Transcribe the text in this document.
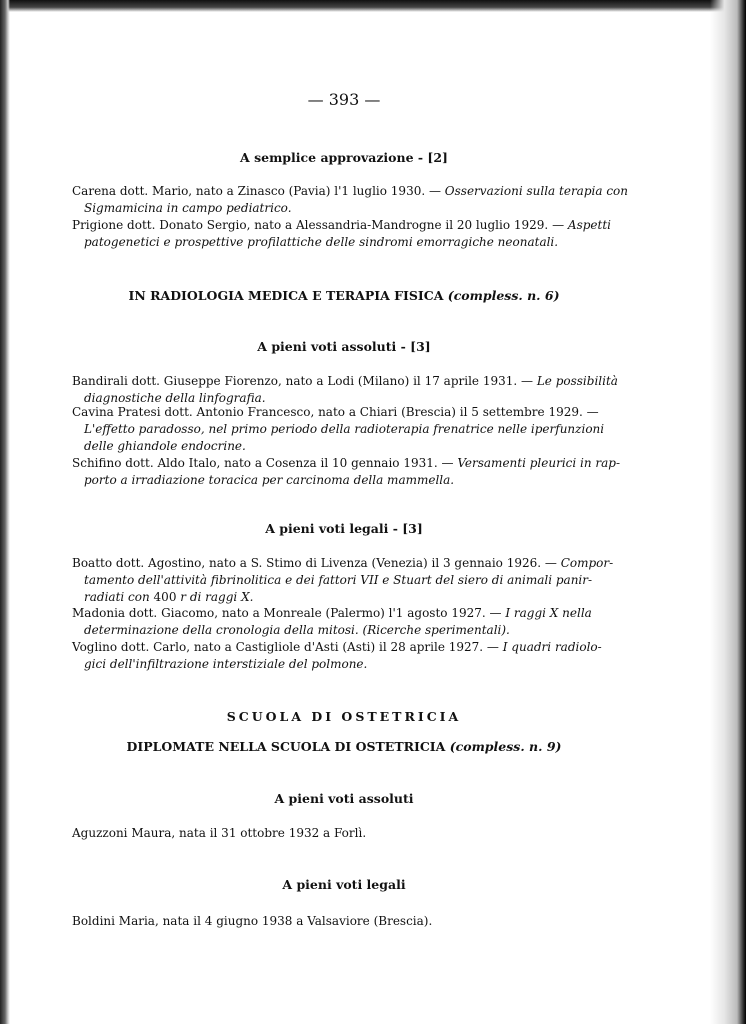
— 393 —
A semplice approvazione - [2]
Carena dott. Mario, nato a Zinasco (Pavia) l'1 luglio 1930. — Osservazioni sulla terapia con
Sigmamicina in campo pediatrico.
Prigione dott. Donato Sergio, nato a Alessandria-Mandrogne il 20 luglio 1929. — Aspetti
patogenetici e prospettive profilattiche delle sindromi emorragiche neonatali.
IN RADIOLOGIA MEDICA E TERAPIA FISICA (compless. n. 6)
A pieni voti assoluti - [3]
Bandirali dott. Giuseppe Fiorenzo, nato a Lodi (Milano) il 17 aprile 1931. — Le possibilità
diagnostiche della linfografia.
Cavina Pratesi dott. Antonio Francesco, nato a Chiari (Brescia) il 5 settembre 1929. —
L'effetto paradosso, nel primo periodo della radioterapia frenatrice nelle iperfunzioni
delle ghiandole endocrine.
Schifino dott. Aldo Italo, nato a Cosenza il 10 gennaio 1931. — Versamenti pleurici in rap-
porto a irradiazione toracica per carcinoma della mammella.
A pieni voti legali - [3]
Boatto dott. Agostino, nato a S. Stimo di Livenza (Venezia) il 3 gennaio 1926. — Compor-
tamento dell'attività fibrinolitica e dei fattori VII e Stuart del siero di animali panir-
radiati con 400 r di raggi X.
Madonia dott. Giacomo, nato a Monreale (Palermo) l'1 agosto 1927. — I raggi X nella
determinazione della cronologia della mitosi. (Ricerche sperimentali).
Voglino dott. Carlo, nato a Castigliole d'Asti (Asti) il 28 aprile 1927. — I quadri radiolo-
gici dell'infiltrazione interstiziale del polmone.
SCUOLA DI OSTETRICIA
DIPLOMATE NELLA SCUOLA DI OSTETRICIA (compless. n. 9)
A pieni voti assoluti
Aguzzoni Maura, nata il 31 ottobre 1932 a Forlì.
A pieni voti legali
Boldini Maria, nata il 4 giugno 1938 a Valsaviore (Brescia).
